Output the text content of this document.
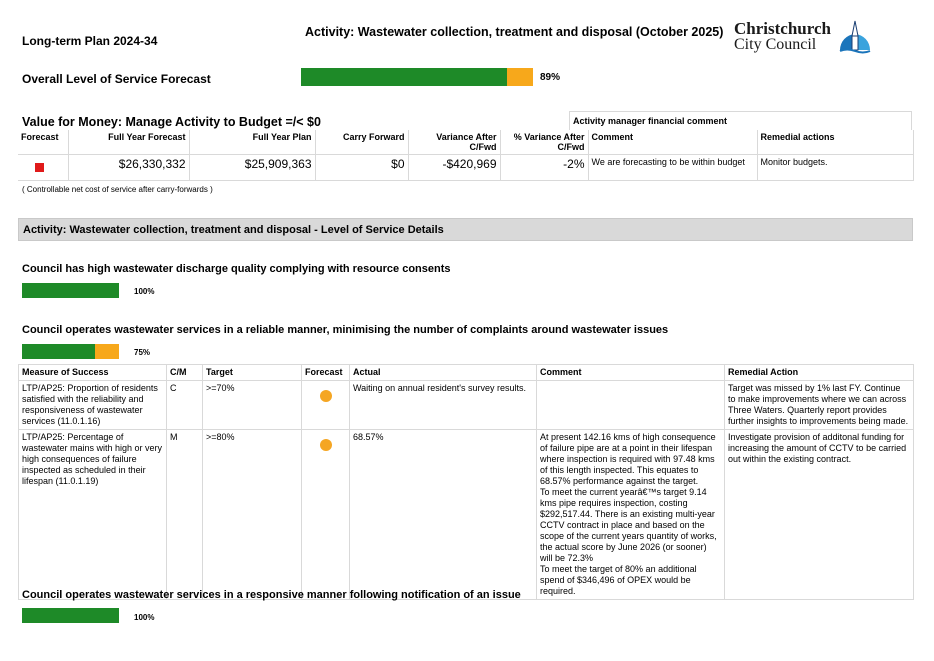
Long-term Plan 2024-34
Activity: Wastewater collection, treatment and disposal (October 2025) Christchurch
City Council
Overall Level of Service Forecast	89%
Value for Money: Manage Activity to Budget =/< $0	Activity manager financial comment
Forecast	Full Year Forecast	Full Year Plan	Carry Forward	Variance After C/Fwd	% Variance After C/Fwd	Comment	Remedial actions
	$26,330,332	$25,909,363	$0	-$420,969	-2%	We are forecasting to be within budget	Monitor budgets.
( Controllable net cost of service after carry-forwards )
Activity: Wastewater collection, treatment and disposal - Level of Service Details
Council has high wastewater discharge quality complying with resource consents
100%
Council operates wastewater services in a reliable manner, minimising the number of complaints around wastewater issues
75%
Measure of Success	C/M	Target	Forecast	Actual	Comment	Remedial Action
LTP/AP25: Proportion of residents satisfied with the reliability and responsiveness of wastewater services (11.0.1.16)	C	>=70%		Waiting on annual resident's survey results.		Target was missed by 1% last FY. Continue to make improvements where we can across Three Waters. Quarterly report provides further insights to improvements being made.
LTP/AP25: Percentage of wastewater mains with high or very high consequences of failure inspected as scheduled in their lifespan (11.0.1.19)	M	>=80%		68.57%	At present 142.16 kms of high consequence of failure pipe are at a point in their lifespan where inspection is required with 97.48 kms of this length inspected. This equates to 68.57% performance against the target.
To meet the current yearâ€™s target 9.14 kms pipe requires inspection, costing $292,517.44. There is an existing multi-year CCTV contract in place and based on the scope of the current years quantity of works, the actual score by June 2026 (or sooner) will be 72.3%
To meet the target of 80% an additional spend of $346,496 of OPEX would be required.	Investigate provision of additonal funding for increasing the amount of CCTV to be carried out within the existing contract.
Council operates wastewater services in a responsive manner following notification of an issue
100%
